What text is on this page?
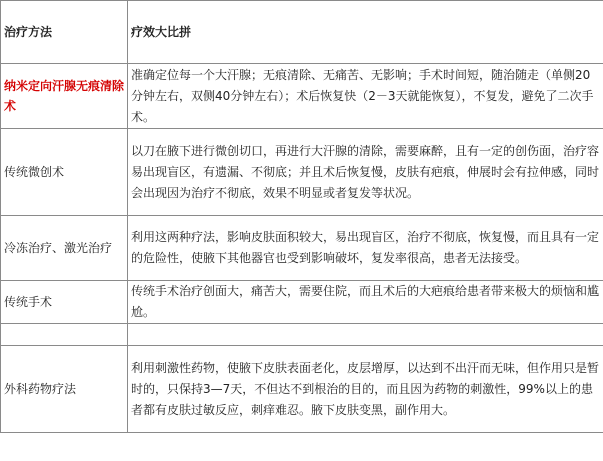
治疗方法	疗效大比拼
纳米定向汗腺无痕清除术	准确定位每一个大汗腺；无痕清除、无痛苦、无影响；手术时间短，随治随走（单侧20分钟左右，双侧40分钟左右）；术后恢复快（2－3天就能恢复），不复发，避免了二次手术。
传统微创术	以刀在腋下进行微创切口，再进行大汗腺的清除，需要麻醉，且有一定的创伤面，治疗容易出现盲区，有遗漏、不彻底；并且术后恢复慢，皮肤有疤痕，伸展时会有拉伸感，同时会出现因为治疗不彻底，效果不明显或者复发等状况。
冷冻治疗、激光治疗	利用这两种疗法，影响皮肤面积较大，易出现盲区，治疗不彻底，恢复慢，而且具有一定的危险性，使腋下其他器官也受到影响破坏，复发率很高，患者无法接受。
传统手术	传统手术治疗创面大，痛苦大，需要住院，而且术后的大疤痕给患者带来极大的烦恼和尴尬。

外科药物疗法	利用刺激性药物，使腋下皮肤表面老化，皮层增厚，以达到不出汗而无味，但作用只是暂时的，只保持3—7天，不但达不到根治的目的，而且因为药物的刺激性，99%以上的患者都有皮肤过敏反应，刺痒难忍。腋下皮肤变黑，副作用大。
